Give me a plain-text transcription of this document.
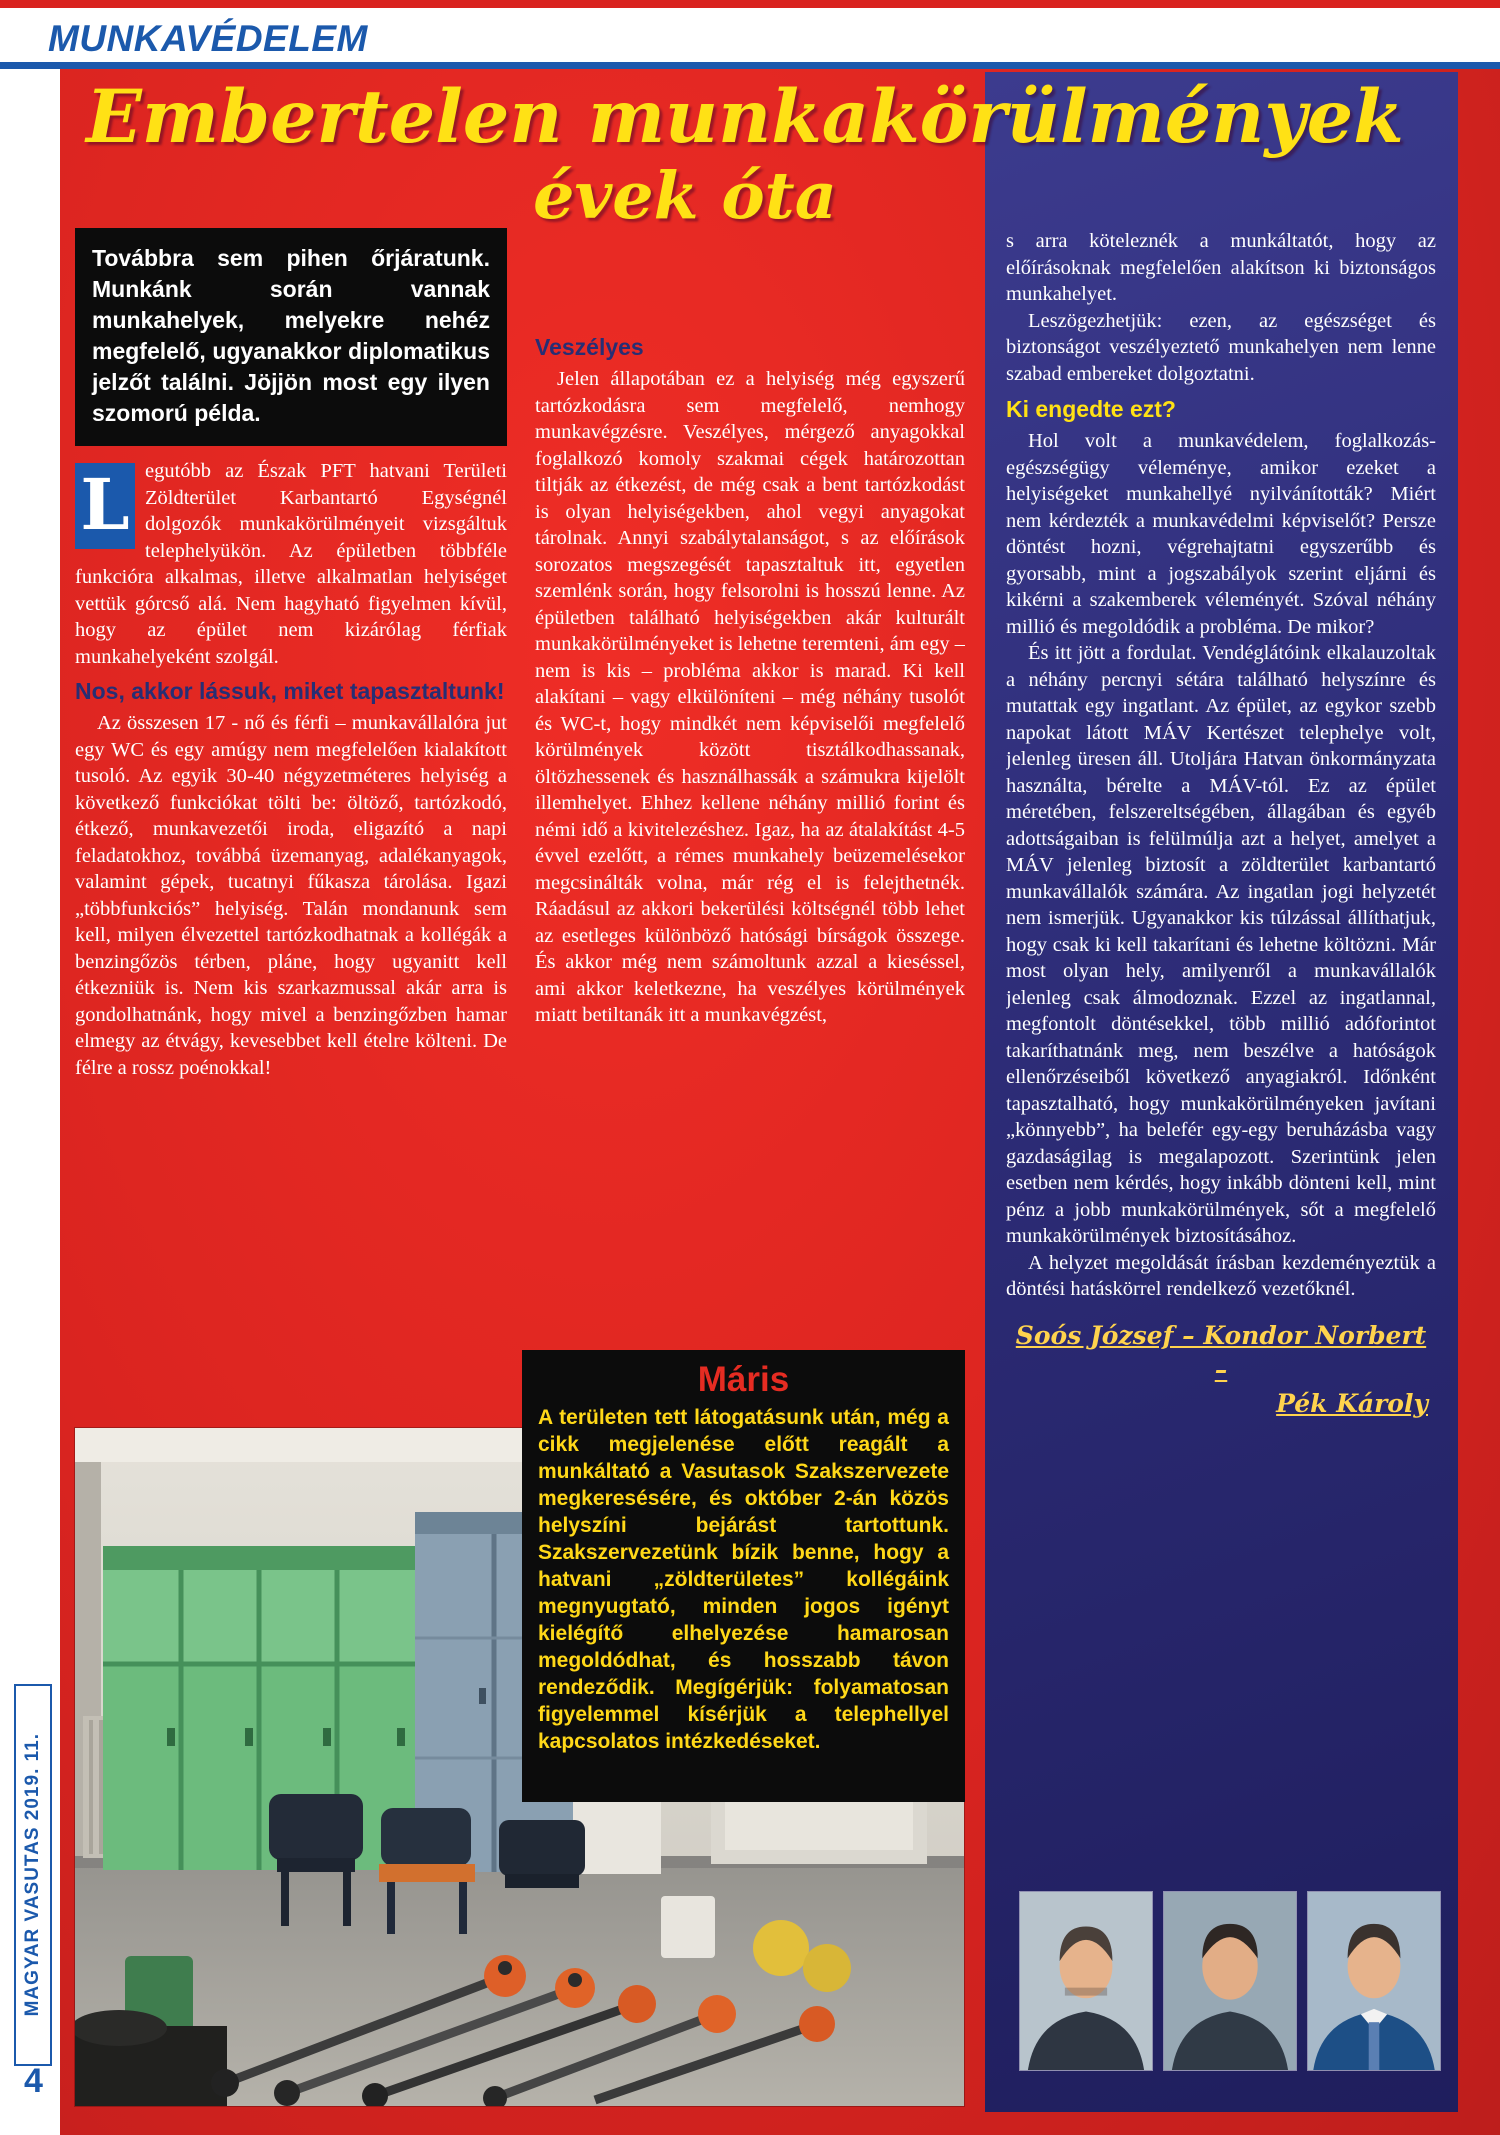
MUNKAVÉDELEM
Embertelen munkakörülmények
évek óta

Továbbra sem pihen őrjáratunk. Munkánk során vannak munkahelyek, melyekre nehéz megfelelő, ugyanakkor diplomatikus jelzőt találni. Jöjjön most egy ilyen szomorú példa.

L egutóbb az Észak PFT hatvani Területi Zöldterület Karbantartó Egységnél dolgozók munkakörülményeit vizsgáltuk telephelyükön. Az épületben többféle funkcióra alkalmas, illetve alkalmatlan helyiséget vettük górcső alá. Nem hagyható figyelmen kívül, hogy az épület nem kizárólag férfiak munkahelyeként szolgál.

Nos, akkor lássuk, miket tapasztaltunk!

Az összesen 17 - nő és férfi – munkavállalóra jut egy WC és egy amúgy nem megfelelően kialakított tusoló. Az egyik 30-40 négyzetméteres helyiség a következő funkciókat tölti be: öltöző, tartózkodó, étkező, munkavezetői iroda, eligazító a napi feladatokhoz, továbbá üzemanyag, adalékanyagok, valamint gépek, tucatnyi fűkasza tárolása. Igazi „többfunkciós” helyiség. Talán mondanunk sem kell, milyen élvezettel tartózkodhatnak a kollégák a benzingőzös térben, pláne, hogy ugyanitt kell étkezniük is. Nem kis szarkazmussal akár arra is gondolhatnánk, hogy mivel a benzingőzben hamar elmegy az étvágy, kevesebbet kell ételre költeni. De félre a rossz poénokkal!

Veszélyes

Jelen állapotában ez a helyiség még egyszerű tartózkodásra sem megfelelő, nemhogy munkavégzésre. Veszélyes, mérgező anyagokkal foglalkozó komoly szakmai cégek határozottan tiltják az étkezést, de még csak a bent tartózkodást is olyan helyiségekben, ahol vegyi anyagokat tárolnak. Annyi szabálytalanságot, s az előírások sorozatos megszegését tapasztaltuk itt, egyetlen szemlénk során, hogy felsorolni is hosszú lenne. Az épületben található helyiségekben akár kulturált munkakörülményeket is lehetne teremteni, ám egy – nem is kis – probléma akkor is marad. Ki kell alakítani – vagy elkülöníteni – még néhány tusolót és WC-t, hogy mindkét nem képviselői megfelelő körülmények között tisztálkodhassanak, öltözhessenek és használhassák a számukra kijelölt illemhelyet. Ehhez kellene néhány millió forint és némi idő a kivitelezéshez. Igaz, ha az átalakítást 4-5 évvel ezelőtt, a rémes munkahely beüzemelésekor megcsinálták volna, már rég el is felejthetnék. Ráadásul az akkori bekerülési költségnél több lehet az esetleges különböző hatósági bírságok összege. És akkor még nem számoltunk azzal a kieséssel, ami akkor keletkezne, ha veszélyes körülmények miatt betiltanák itt a munkavégzést,

Máris

A területen tett látogatásunk után, még a cikk megjelenése előtt reagált a munkáltató a Vasutasok Szakszervezete megkeresésére, és október 2-án közös helyszíni bejárást tartottunk. Szakszervezetünk bízik benne, hogy a hatvani „zöldterületes” kollégáink megnyugtató, minden jogos igényt kielégítő elhelyezése hamarosan megoldódhat, és hosszabb távon rendeződik. Megígérjük: folyamatosan figyelemmel kísérjük a telephellyel kapcsolatos intézkedéseket.

s arra köteleznék a munkáltatót, hogy az előírásoknak megfelelően alakítson ki biztonságos munkahelyet.

Leszögezhetjük: ezen, az egészséget és biztonságot veszélyeztető munkahelyen nem lenne szabad embereket dolgoztatni.

Ki engedte ezt?

Hol volt a munkavédelem, foglalkozás-egészségügy véleménye, amikor ezeket a helyiségeket munkahellyé nyilvánították? Miért nem kérdezték a munkavédelmi képviselőt? Persze döntést hozni, végrehajtatni egyszerűbb és gyorsabb, mint a jogszabályok szerint eljárni és kikérni a szakemberek véleményét. Szóval néhány millió és megoldódik a probléma. De mikor?

És itt jött a fordulat. Vendéglátóink elkalauzoltak a néhány percnyi sétára található helyszínre és mutattak egy ingatlant. Az épület, az egykor szebb napokat látott MÁV Kertészet telephelye volt, jelenleg üresen áll. Utoljára Hatvan önkormányzata használta, bérelte a MÁV-tól. Ez az épület méretében, felszereltségében, állagában és egyéb adottságaiban is felülmúlja azt a helyet, amelyet a MÁV jelenleg biztosít a zöldterület karbantartó munkavállalók számára. Az ingatlan jogi helyzetét nem ismerjük. Ugyanakkor kis túlzással állíthatjuk, hogy csak ki kell takarítani és lehetne költözni. Már most olyan hely, amilyenről a munkavállalók jelenleg csak álmodoznak. Ezzel az ingatlannal, megfontolt döntésekkel, több millió adóforintot takaríthatnánk meg, nem beszélve a hatóságok ellenőrzéseiből következő anyagiakról. Időnként tapasztalható, hogy munkakörülményeken javítani „könnyebb”, ha belefér egy-egy beruházásba vagy gazdaságilag is megalapozott. Szerintünk jelen esetben nem kérdés, hogy inkább dönteni kell, mint pénz a jobb munkakörülmények, sőt a megfelelő munkakörülmények biztosításához.

A helyzet megoldását írásban kezdeményeztük a döntési hatáskörrel rendelkező vezetőknél.

Soós József – Kondor Norbert –
Pék Károly
MAGYAR VASUTAS 2019. 11.
4
